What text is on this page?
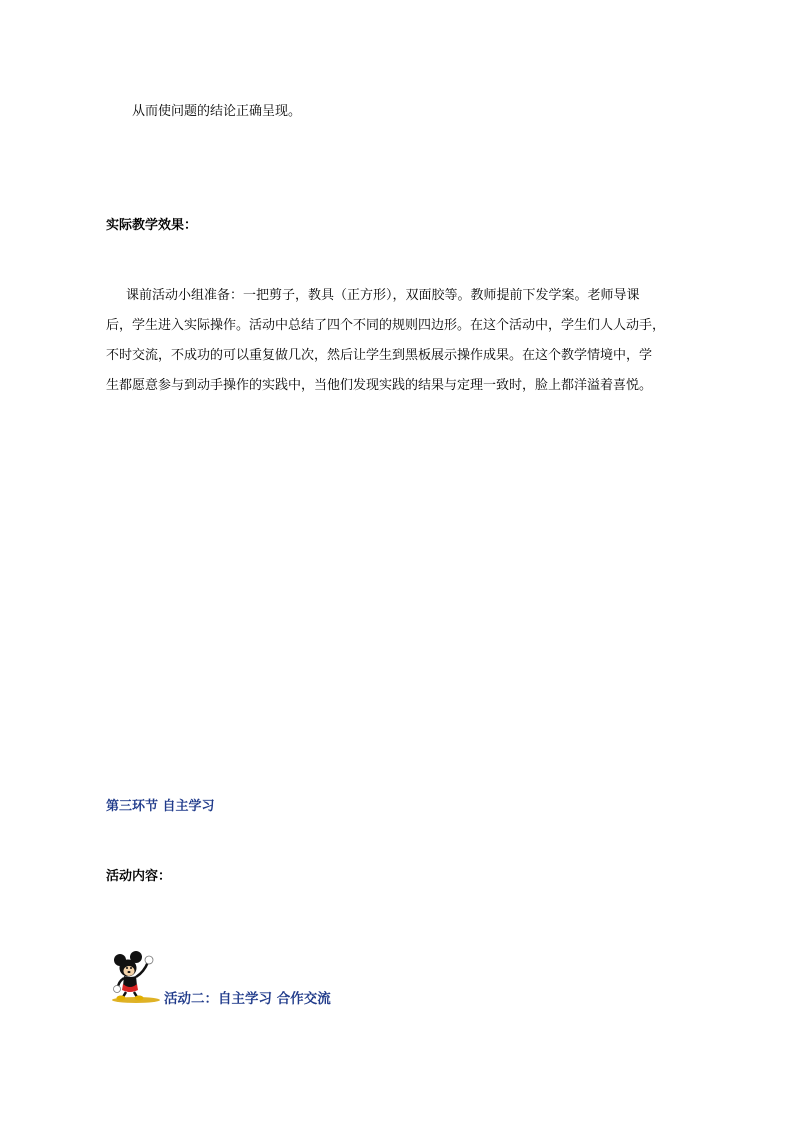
从而使问题的结论正确呈现。
实际教学效果：
课前活动小组准备：一把剪子，教具（正方形），双面胶等。教师提前下发学案。老师导课
后，学生进入实际操作。活动中总结了四个不同的规则四边形。在这个活动中，学生们人人动手，
不时交流，不成功的可以重复做几次，然后让学生到黑板展示操作成果。在这个教学情境中，学
生都愿意参与到动手操作的实践中，当他们发现实践的结果与定理一致时，脸上都洋溢着喜悦。
第三环节 自主学习
活动内容：
活动二：自主学习 合作交流
